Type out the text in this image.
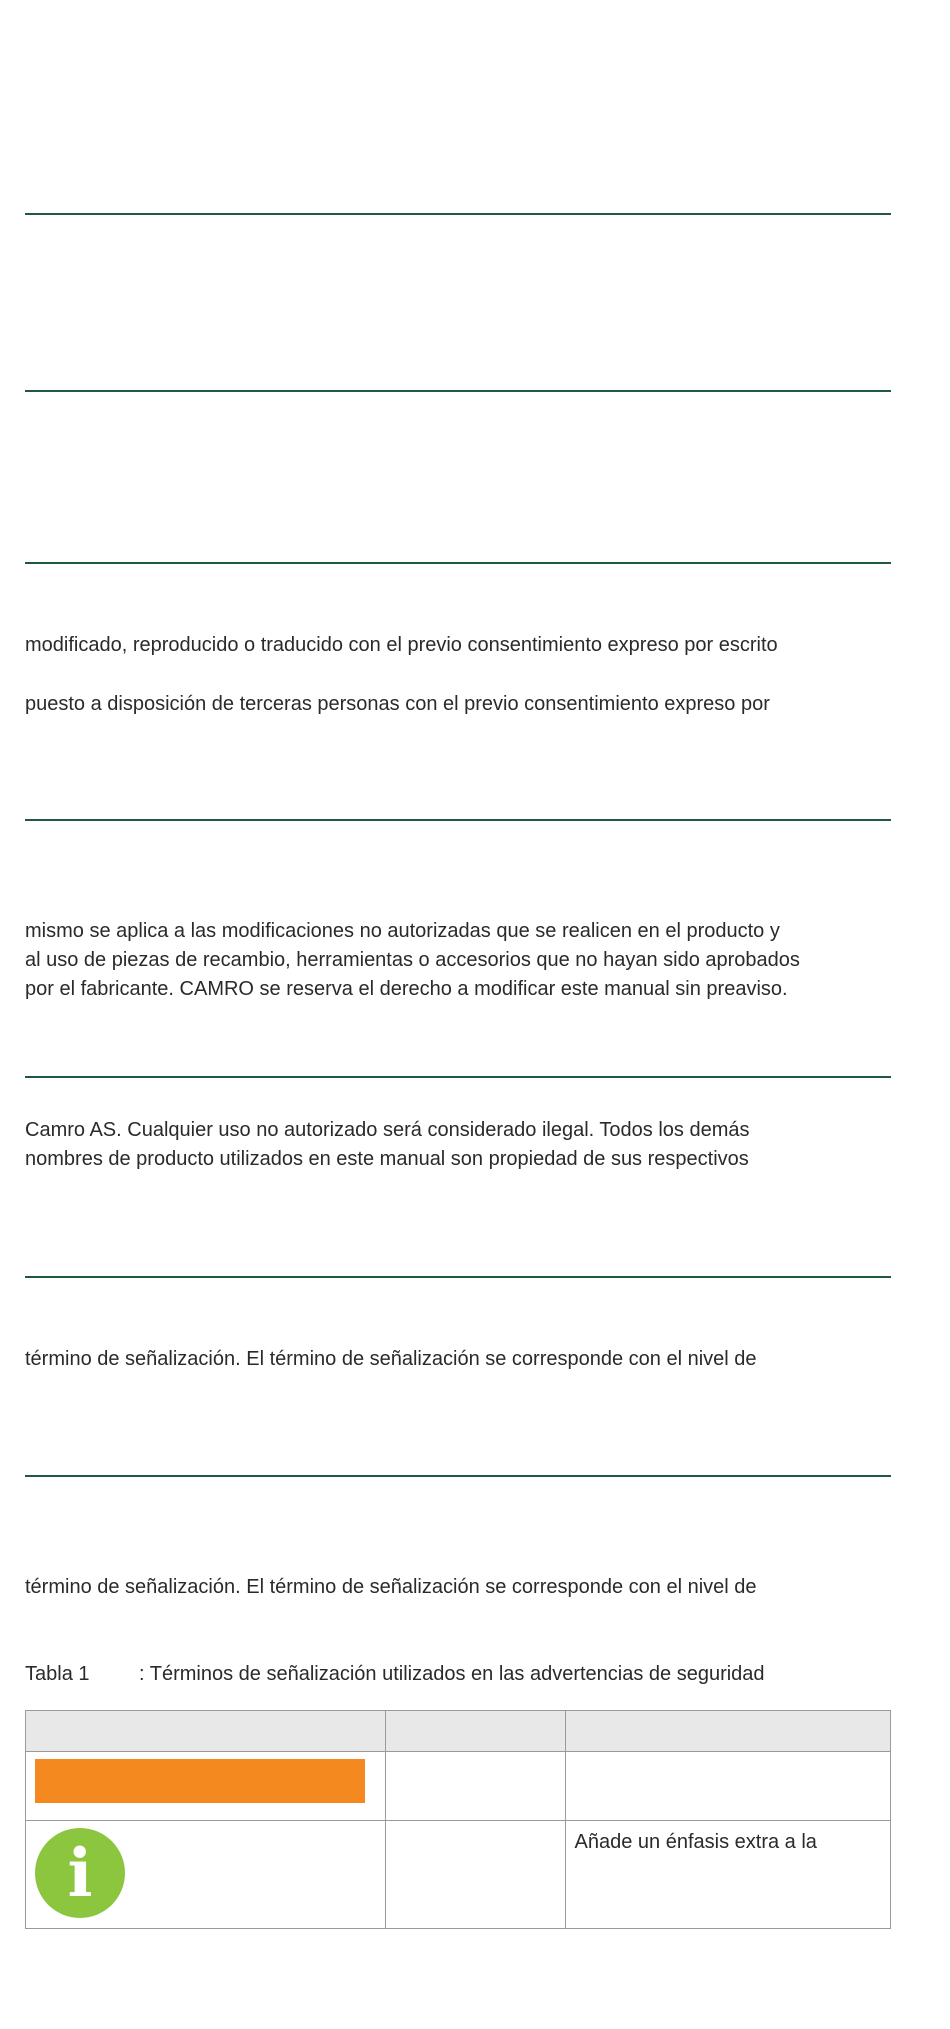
modificado, reproducido o traducido con el previo consentimiento expreso por escrito
puesto a disposición de terceras personas con el previo consentimiento expreso por
mismo se aplica a las modificaciones no autorizadas que se realicen en el producto y
al uso de piezas de recambio, herramientas o accesorios que no hayan sido aprobados
por el fabricante. CAMRO se reserva el derecho a modificar este manual sin preaviso.
Camro AS. Cualquier uso no autorizado será considerado ilegal. Todos los demás
nombres de producto utilizados en este manual son propiedad de sus respectivos
término de señalización. El término de señalización se corresponde con el nivel de
término de señalización. El término de señalización se corresponde con el nivel de
Tabla 1 : Términos de señalización utilizados en las advertencias de seguridad

i		Añade un énfasis extra a la
